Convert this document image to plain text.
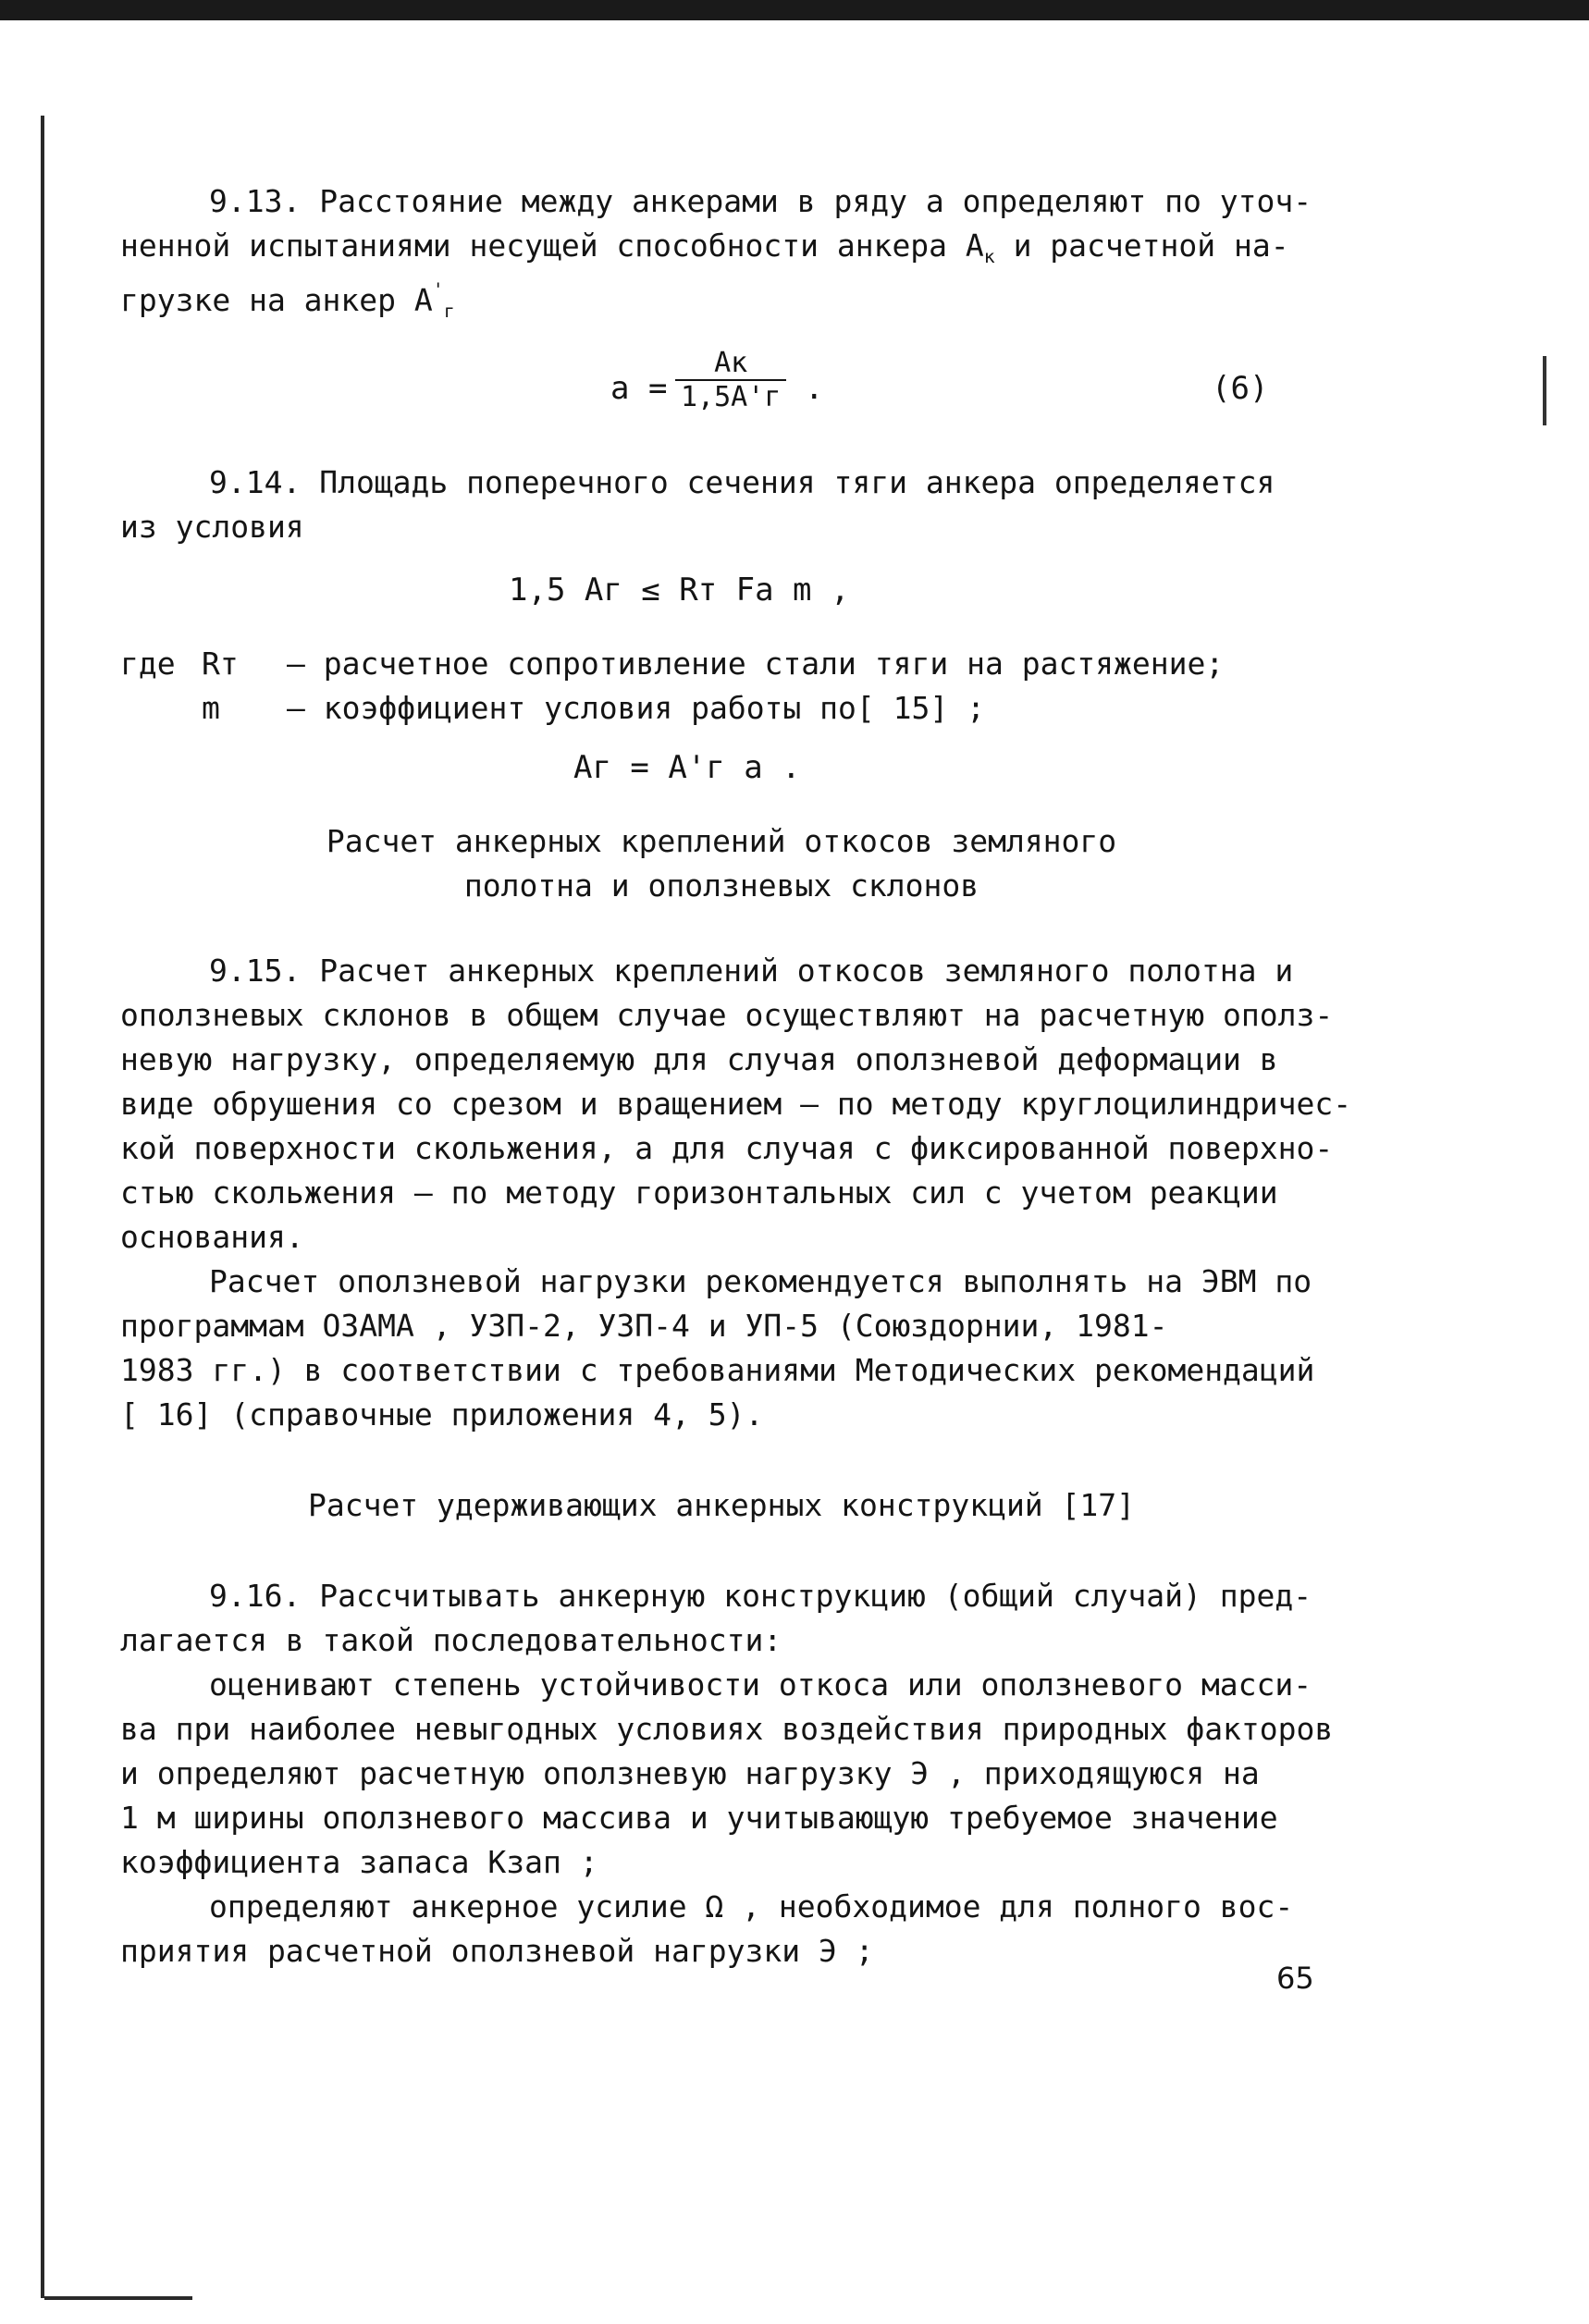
9.13. Расстояние между анкерами в ряду a определяют по уточ-
ненной испытаниями несущей способности анкера $A_к$ и расчетной на-
грузке на анкер $A'_г$
a =
Aк
1,5A'г .	(6)
9.14. Площадь поперечного сечения тяги анкера определяется
из условия
1,5 Aг ≤ Rт Fа m ,
где Rт – расчетное сопротивление стали тяги на растяжение;
m – коэффициент условия работы по[ 15] ;
Aг = A'г a .
Расчет анкерных креплений откосов земляного
полотна и оползневых склонов
9.15. Расчет анкерных креплений откосов земляного полотна и
оползневых склонов в общем случае осуществляют на расчетную ополз-
невую нагрузку, определяемую для случая оползневой деформации в
виде обрушения со срезом и вращением – по методу круглоцилиндричес-
кой поверхности скольжения, а для случая с фиксированной поверхно-
стью скольжения – по методу горизонтальных сил с учетом реакции
основания.
Расчет оползневой нагрузки рекомендуется выполнять на ЭВМ по
программам ОЗАМА , УЗП-2, УЗП-4 и УП-5 (Союздорнии, 1981-
1983 гг.) в соответствии с требованиями Методических рекомендаций
[ 16] (справочные приложения 4, 5).
Расчет удерживающих анкерных конструкций [17]
9.16. Рассчитывать анкерную конструкцию (общий случай) пред-
лагается в такой последовательности:
оценивают степень устойчивости откоса или оползневого масси-
ва при наиболее невыгодных условиях воздействия природных факторов
и определяют расчетную оползневую нагрузку Э , приходящуюся на
1 м ширины оползневого массива и учитывающую требуемое значение
коэффициента запаса Kзап ;
определяют анкерное усилие Ω , необходимое для полного вос-
приятия расчетной оползневой нагрузки Э ;
65
